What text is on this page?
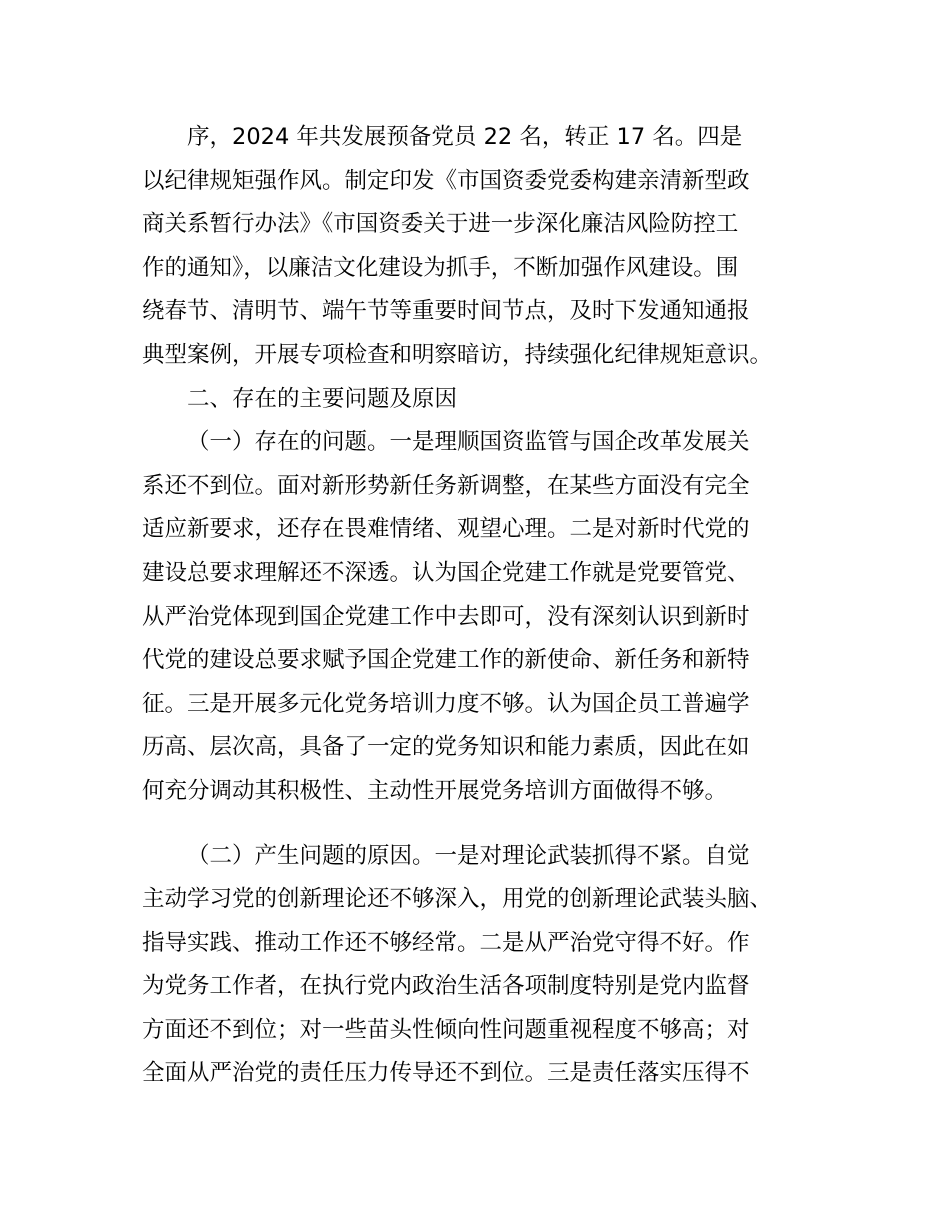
序，2024 年共发展预备党员 22 名，转正 17 名。四是
以纪律规矩强作风。制定印发《市国资委党委构建亲清新型政
商关系暂行办法》《市国资委关于进一步深化廉洁风险防控工
作的通知》，以廉洁文化建设为抓手，不断加强作风建设。围
绕春节、清明节、端午节等重要时间节点，及时下发通知通报
典型案例，开展专项检查和明察暗访，持续强化纪律规矩意识。
二、存在的主要问题及原因
（一）存在的问题。一是理顺国资监管与国企改革发展关
系还不到位。面对新形势新任务新调整，在某些方面没有完全
适应新要求，还存在畏难情绪、观望心理。二是对新时代党的
建设总要求理解还不深透。认为国企党建工作就是党要管党、
从严治党体现到国企党建工作中去即可，没有深刻认识到新时
代党的建设总要求赋予国企党建工作的新使命、新任务和新特
征。三是开展多元化党务培训力度不够。认为国企员工普遍学
历高、层次高，具备了一定的党务知识和能力素质，因此在如
何充分调动其积极性、主动性开展党务培训方面做得不够。
（二）产生问题的原因。一是对理论武装抓得不紧。自觉
主动学习党的创新理论还不够深入，用党的创新理论武装头脑、
指导实践、推动工作还不够经常。二是从严治党守得不好。作
为党务工作者，在执行党内政治生活各项制度特别是党内监督
方面还不到位；对一些苗头性倾向性问题重视程度不够高；对
全面从严治党的责任压力传导还不到位。三是责任落实压得不
